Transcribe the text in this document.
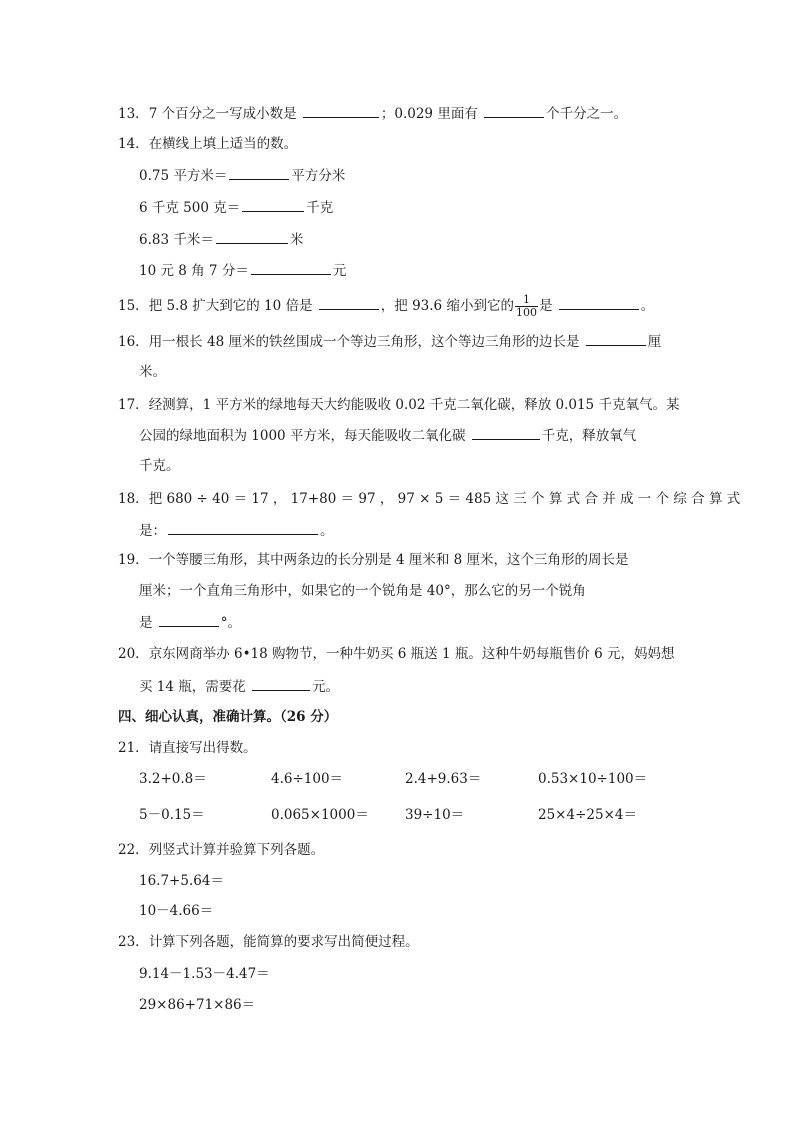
13．7 个百分之一写成小数是	；0.029 里面有	个千分之一。
14．在横线上填上适当的数。
0.75 平方米＝	平方分米
6 千克 500 克＝	千克
6.83 千米＝	米
10 元 8 角 7 分＝	元
15．把 5.8 扩大到它的 10 倍是	，把 93.6 缩小到它的 $\frac{1}{100}$ 是	。
16．用一根长 48 厘米的铁丝围成一个等边三角形，这个等边三角形的边长是	厘
米。
17．经测算，1 平方米的绿地每天大约能吸收 0.02 千克二氧化碳，释放 0.015 千克氧气。某
公园的绿地面积为 1000 平方米，每天能吸收二氧化碳	千克，释放氧气
千克。
18．把 680 ÷ 40 ＝ 17 ， 17+80 ＝ 97 ， 97 × 5 ＝ 485 这 三 个 算 式 合 并 成 一 个 综 合 算 式
是：	。
19．一个等腰三角形，其中两条边的长分别是 4 厘米和 8 厘米，这个三角形的周长是
厘米；一个直角三角形中，如果它的一个锐角是 40°，那么它的另一个锐角
是	°。
20．京东网商举办 6•18 购物节，一种牛奶买 6 瓶送 1 瓶。这种牛奶每瓶售价 6 元，妈妈想
买 14 瓶，需要花	元。
四、细心认真，准确计算。（26 分）
21．请直接写出得数。
3.2+0.8＝	4.6÷100＝	2.4+9.63＝	0.53×10÷100＝
5－0.15＝	0.065×1000＝	39÷10＝	25×4÷25×4＝
22．列竖式计算并验算下列各题。
16.7+5.64＝
10－4.66＝
23．计算下列各题，能简算的要求写出简便过程。
9.14－1.53－4.47＝
29×86+71×86＝
